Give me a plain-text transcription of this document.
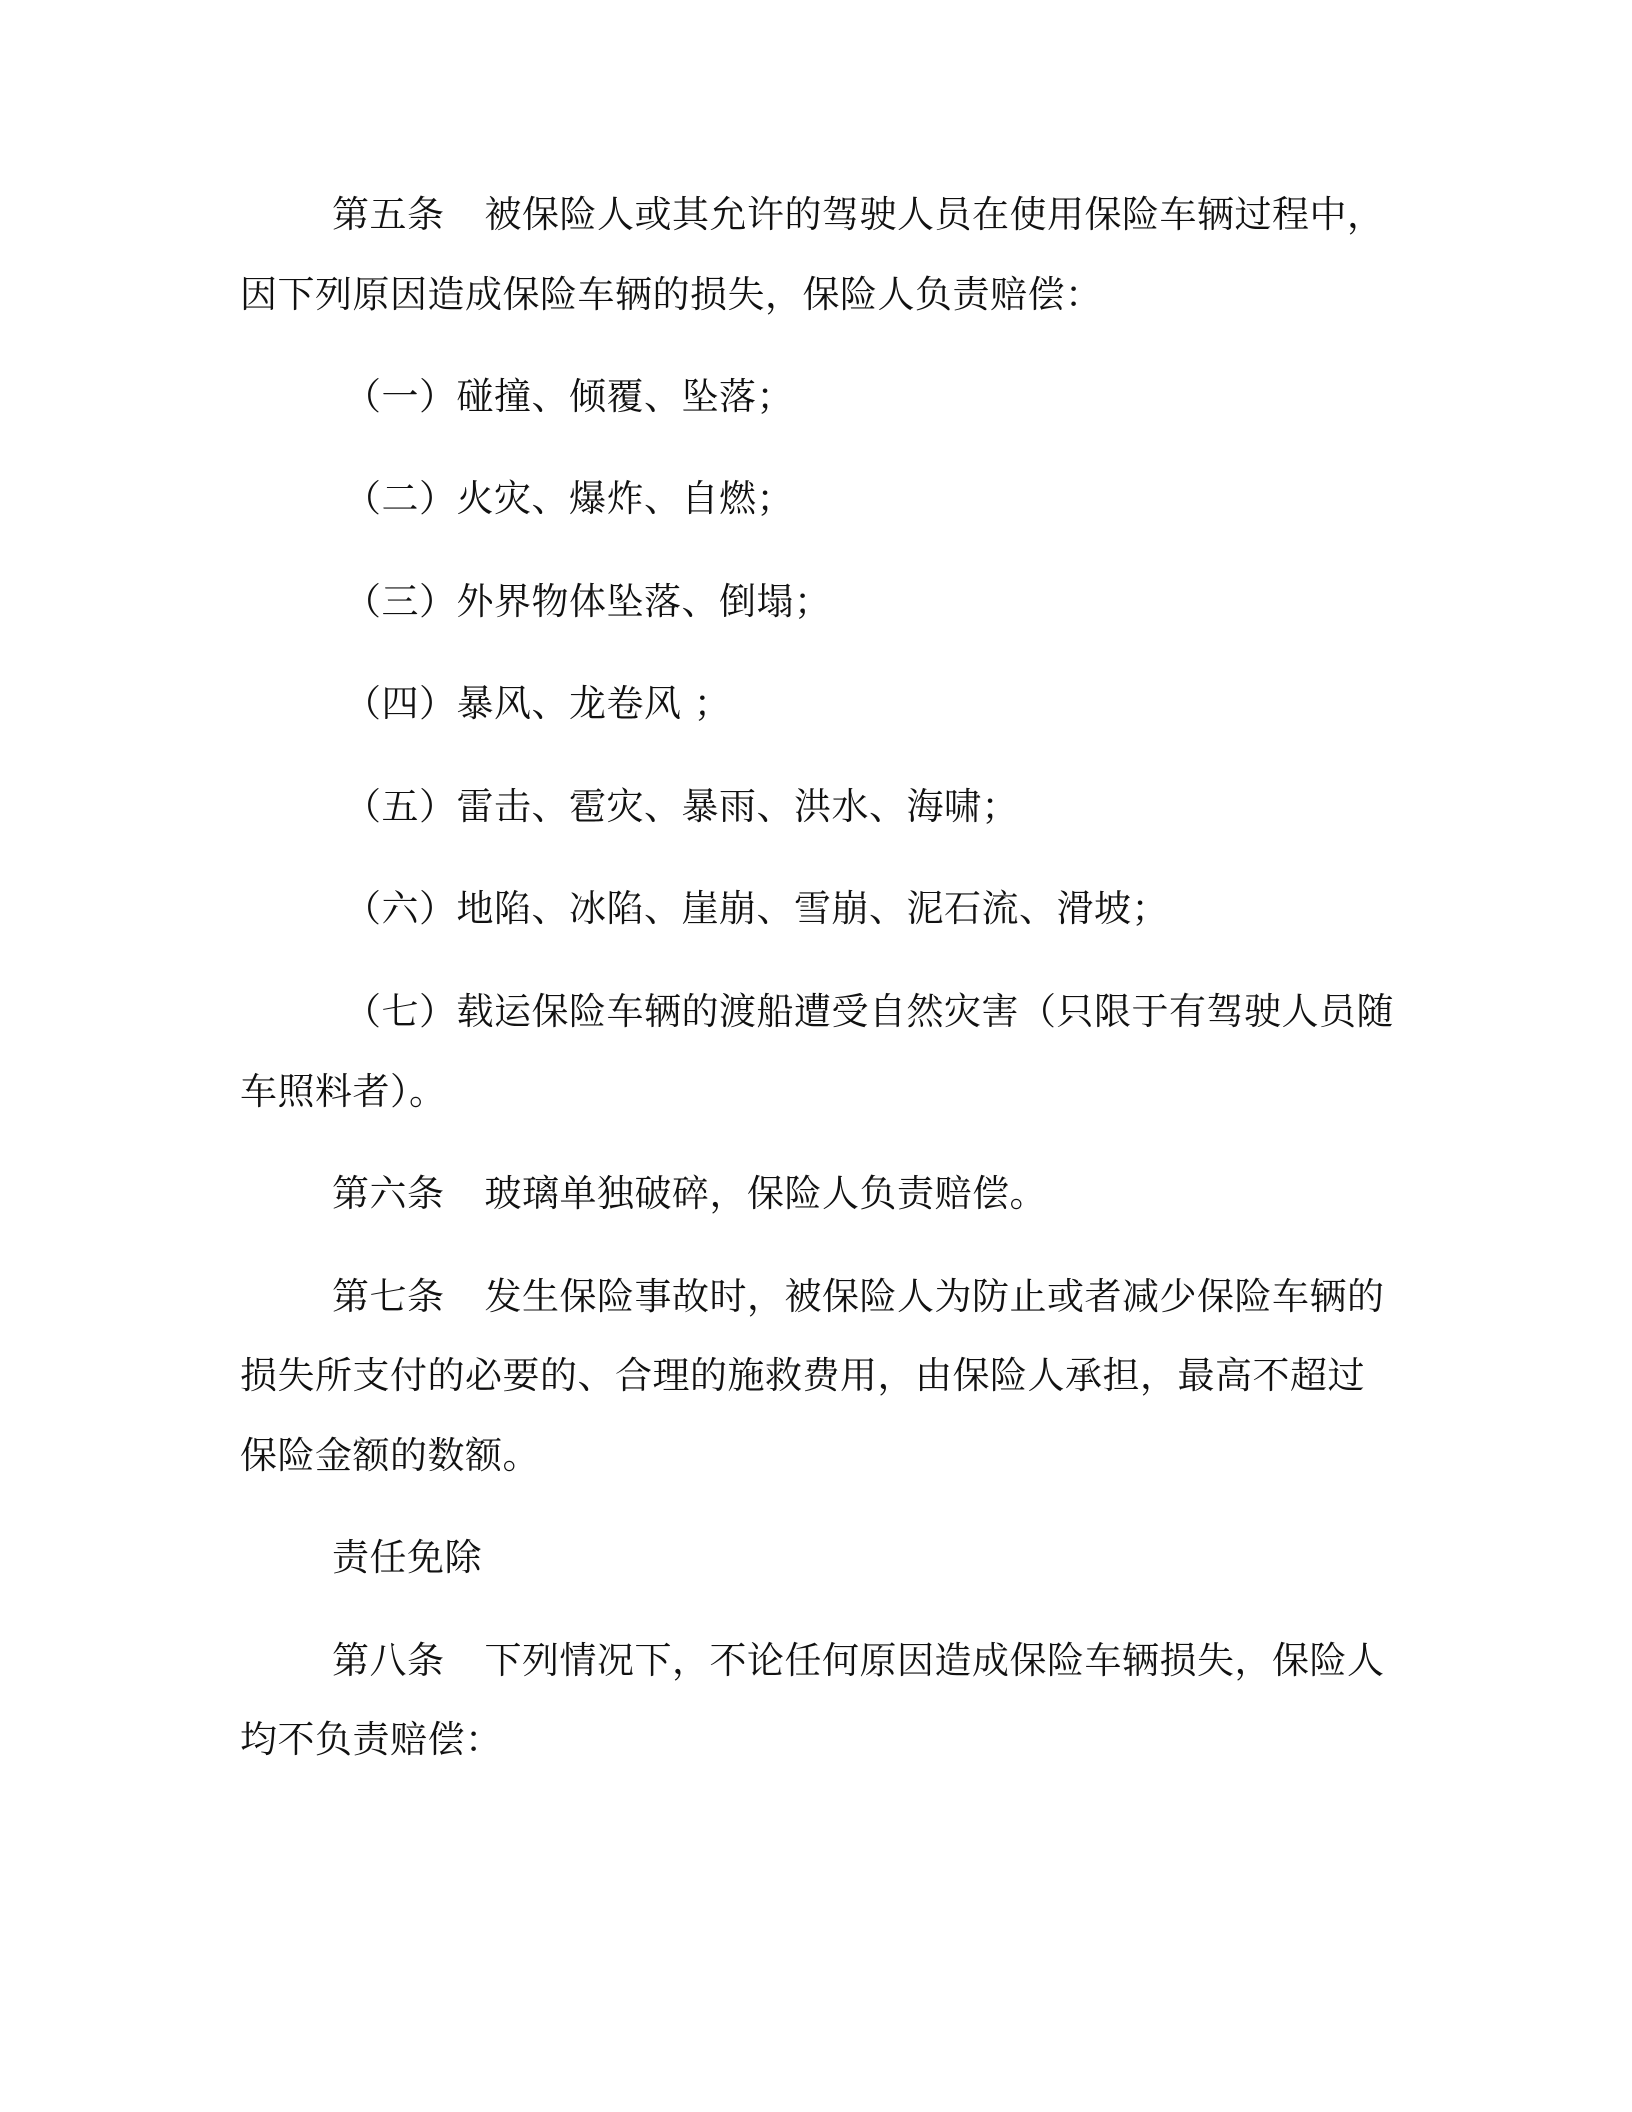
第五条 被保险人或其允许的驾驶人员在使用保险车辆过程中，
因下列原因造成保险车辆的损失，保险人负责赔偿：
（一）碰撞、倾覆、坠落；
（二）火灾、爆炸、自燃；
（三）外界物体坠落、倒塌；
（四）暴风、龙卷风 ；
（五）雷击、雹灾、暴雨、洪水、海啸；
（六）地陷、冰陷、崖崩、雪崩、泥石流、滑坡；
（七）载运保险车辆的渡船遭受自然灾害（只限于有驾驶人员随
车照料者）。
第六条 玻璃单独破碎，保险人负责赔偿。
第七条 发生保险事故时，被保险人为防止或者减少保险车辆的
损失所支付的必要的、合理的施救费用，由保险人承担，最高不超过
保险金额的数额。
责任免除
第八条 下列情况下，不论任何原因造成保险车辆损失，保险人
均不负责赔偿：
